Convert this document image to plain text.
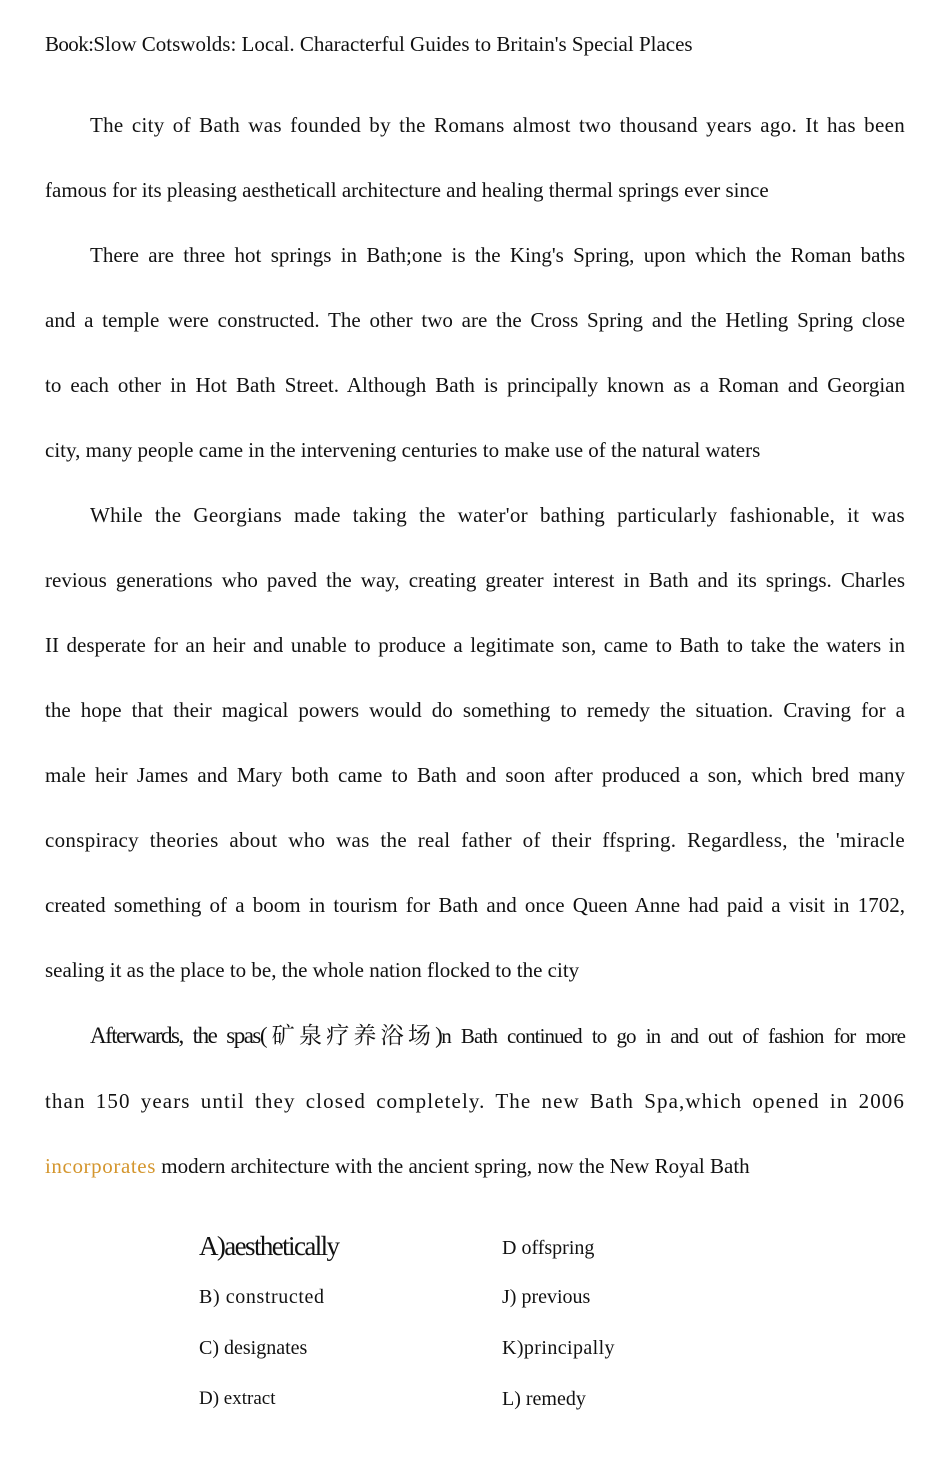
Book:Slow Cotswolds: Local. Characterful Guides to Britain's Special Places

The city of Bath was founded by the Romans almost two thousand years ago. It has been
famous for its pleasing aestheticall architecture and healing thermal springs ever since
There are three hot springs in Bath;one is the King's Spring, upon which the Roman baths
and a temple were constructed. The other two are the Cross Spring and the Hetling Spring close
to each other in Hot Bath Street. Although Bath is principally known as a Roman and Georgian
city, many people came in the intervening centuries to make use of the natural waters
While the Georgians made taking the water'or bathing particularly fashionable, it was
revious generations who paved the way, creating greater interest in Bath and its springs. Charles
II desperate for an heir and unable to produce a legitimate son, came to Bath to take the waters in
the hope that their magical powers would do something to remedy the situation. Craving for a
male heir James and Mary both came to Bath and soon after produced a son, which bred many
conspiracy theories about who was the real father of their ffspring. Regardless, the 'miracle
created something of a boom in tourism for Bath and once Queen Anne had paid a visit in 1702,
sealing it as the place to be, the whole nation flocked to the city
Afterwards, the spas(矿泉疗养浴场)n Bath continued to go in and out of fashion for more
than 150 years until they closed completely. The new Bath Spa,which opened in 2006
incorporates modern architecture with the ancient spring, now the New Royal Bath
A)aesthetically	D offspring
B) constructed	J) previous
C) designates	K)principally
D) extract	L) remedy
